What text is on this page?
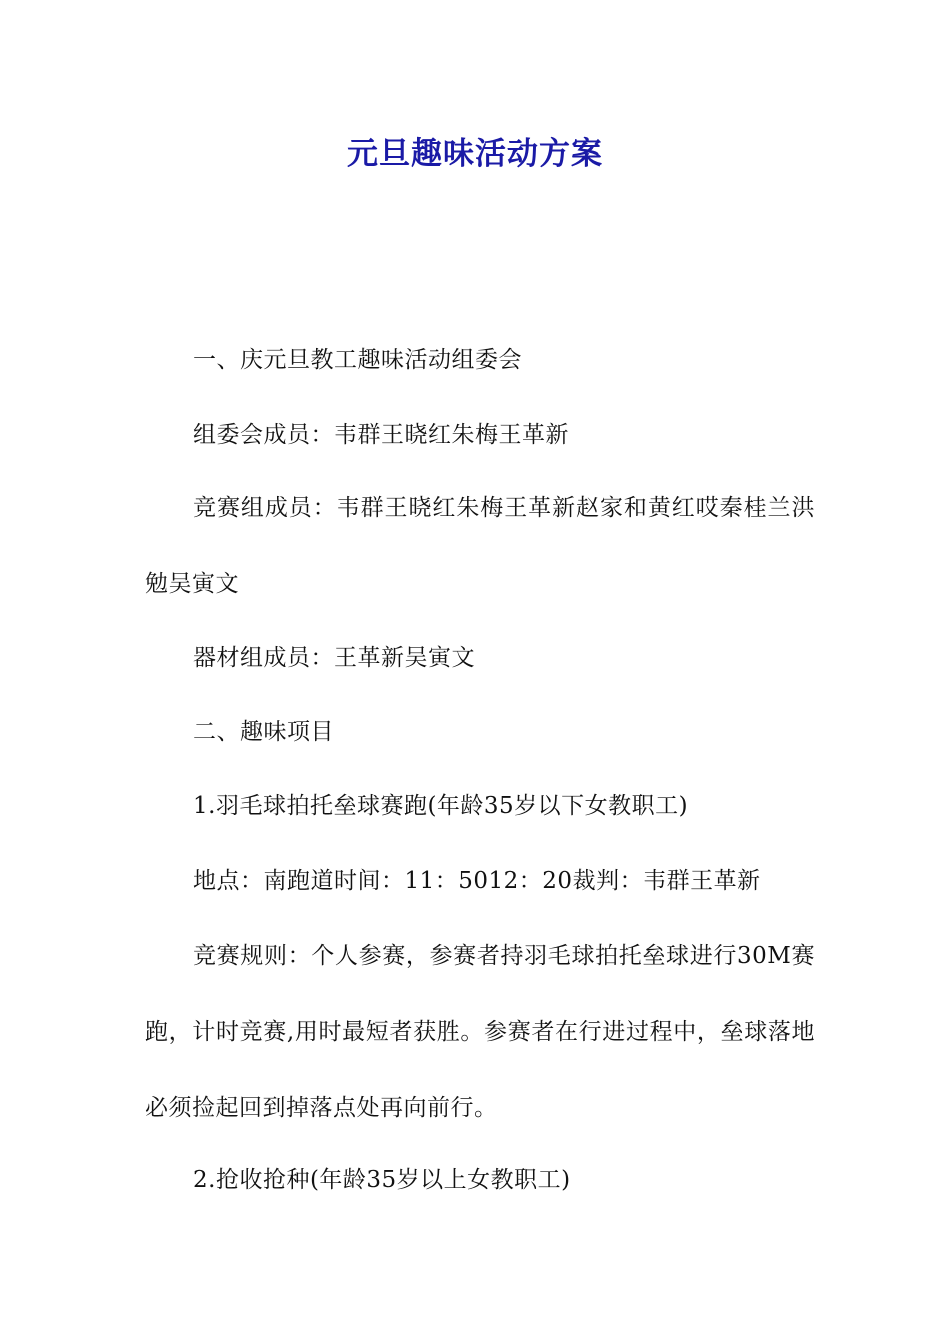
元旦趣味活动方案

一、庆元旦教工趣味活动组委会

组委会成员：韦群王晓红朱梅王革新

竞赛组成员：韦群王晓红朱梅王革新赵家和黄红哎秦桂兰洪勉吴寅文

器材组成员：王革新吴寅文

二、趣味项目

1.羽毛球拍托垒球赛跑(年龄35岁以下女教职工)

地点：南跑道时间：11：5012：20裁判：韦群王革新

竞赛规则：个人参赛，参赛者持羽毛球拍托垒球进行30M赛跑，计时竞赛,用时最短者获胜。参赛者在行进过程中，垒球落地必须捡起回到掉落点处再向前行。

2.抢收抢种(年龄35岁以上女教职工)
